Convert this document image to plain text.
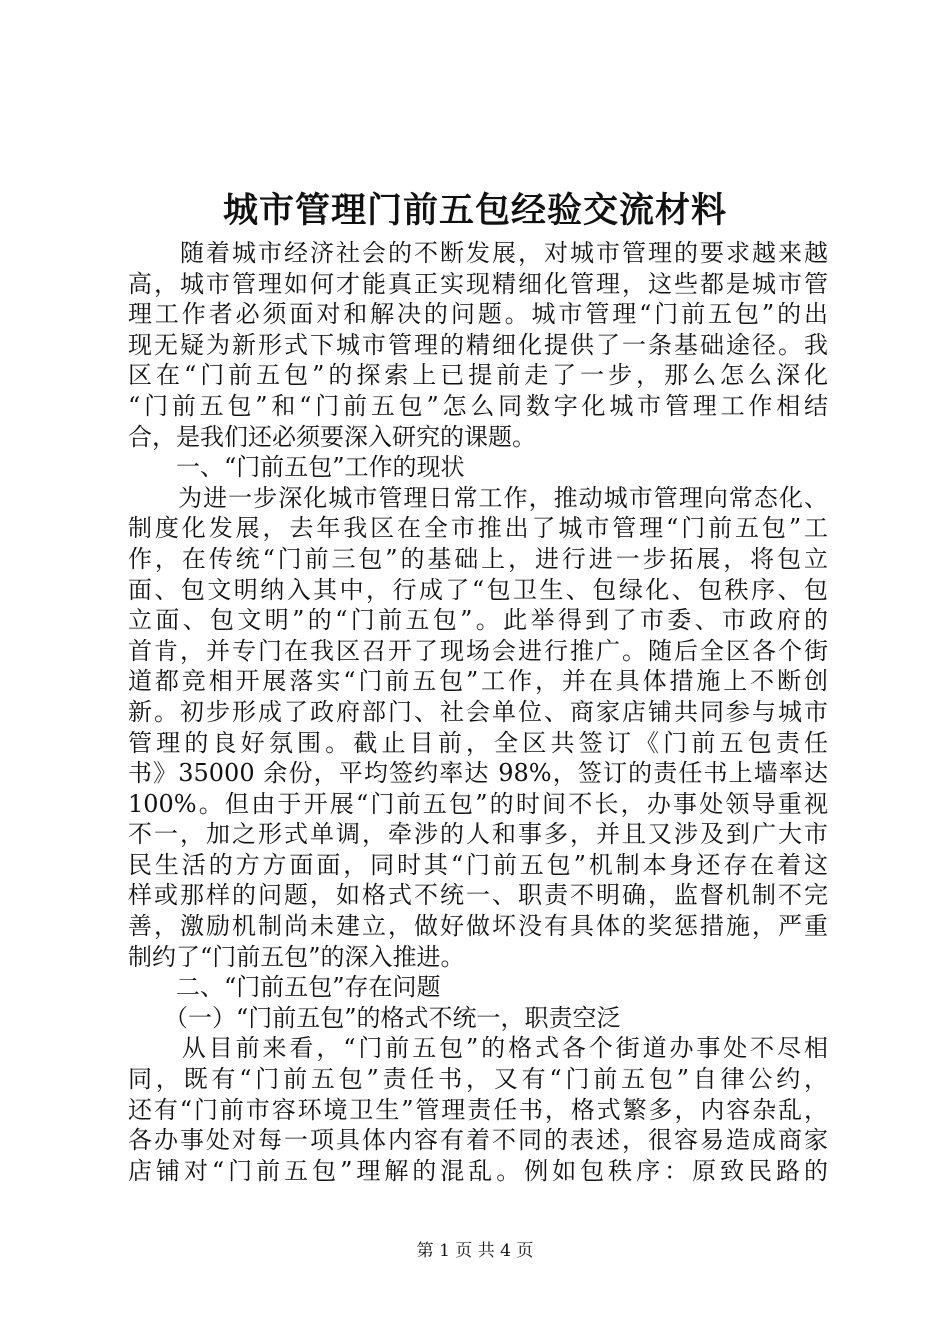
城市管理门前五包经验交流材料
　　随着城市经济社会的不断发展，对城市管理的要求越来越
高，城市管理如何才能真正实现精细化管理，这些都是城市管
理工作者必须面对和解决的问题。城市管理“门前五包”的出
现无疑为新形式下城市管理的精细化提供了一条基础途径。我
区在“门前五包”的探索上已提前走了一步，那么怎么深化
“门前五包”和“门前五包”怎么同数字化城市管理工作相结
合，是我们还必须要深入研究的课题。
　　一、“门前五包”工作的现状
　　为进一步深化城市管理日常工作，推动城市管理向常态化、
制度化发展，去年我区在全市推出了城市管理“门前五包”工
作，在传统“门前三包”的基础上，进行进一步拓展，将包立
面、包文明纳入其中，行成了“包卫生、包绿化、包秩序、包
立面、包文明”的“门前五包”。此举得到了市委、市政府的
首肯，并专门在我区召开了现场会进行推广。随后全区各个街
道都竞相开展落实“门前五包”工作，并在具体措施上不断创
新。初步形成了政府部门、社会单位、商家店铺共同参与城市
管理的良好氛围。截止目前，全区共签订《门前五包责任
书》35000 余份，平均签约率达 98%，签订的责任书上墙率达
100%。但由于开展“门前五包”的时间不长，办事处领导重视
不一，加之形式单调，牵涉的人和事多，并且又涉及到广大市
民生活的方方面面，同时其“门前五包”机制本身还存在着这
样或那样的问题，如格式不统一、职责不明确，监督机制不完
善，激励机制尚未建立，做好做坏没有具体的奖惩措施，严重
制约了“门前五包”的深入推进。
　　二、“门前五包”存在问题
　　（一）“门前五包”的格式不统一，职责空泛
　　从目前来看，“门前五包”的格式各个街道办事处不尽相
同，既有“门前五包”责任书，又有“门前五包”自律公约，
还有“门前市容环境卫生”管理责任书，格式繁多，内容杂乱，
各办事处对每一项具体内容有着不同的表述，很容易造成商家
店铺对“门前五包”理解的混乱。例如包秩序：原致民路的
第 1 页 共 4 页
